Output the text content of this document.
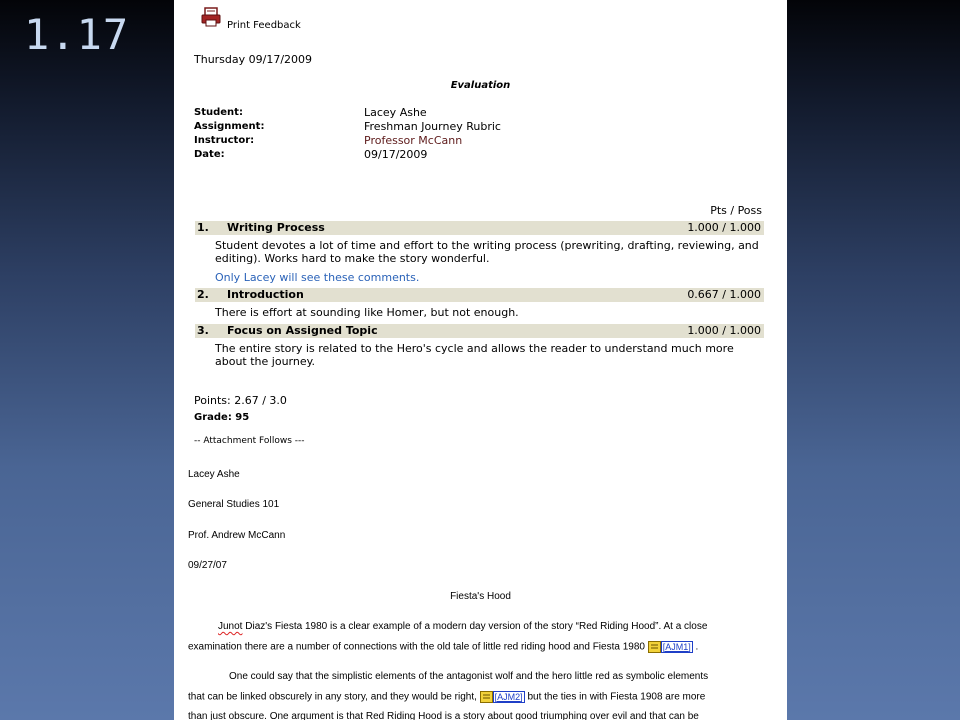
1.17	Print Feedback
Thursday 09/17/2009
Evaluation
Student:	Lacey Ashe
Assignment:	Freshman Journey Rubric
Instructor:	Professor McCann
Date:	09/17/2009
Pts / Poss
1. Writing Process	1.000 / 1.000
Student devotes a lot of time and effort to the writing process (prewriting, drafting, reviewing, and editing). Works hard to make the story wonderful.
Only Lacey will see these comments.
2. Introduction	0.667 / 1.000
There is effort at sounding like Homer, but not enough.
3. Focus on Assigned Topic	1.000 / 1.000
The entire story is related to the Hero's cycle and allows the reader to understand much more about the journey.
Points: 2.67 / 3.0
Grade: 95
-- Attachment Follows ---
Lacey Ashe
General Studies 101
Prof. Andrew McCann
09/27/07
Fiesta's Hood
Junot Diaz's Fiesta 1980 is a clear example of a modern day version of the story “Red Riding Hood”. At a close
examination there are a number of connections with the old tale of little red riding hood and Fiesta 1980 [AJM1] .
One could say that the simplistic elements of the antagonist wolf and the hero little red as symbolic elements
that can be linked obscurely in any story, and they would be right, [AJM2] but the ties in with Fiesta 1908 are more
than just obscure. One argument is that Red Riding Hood is a story about good triumphing over evil and that can be
